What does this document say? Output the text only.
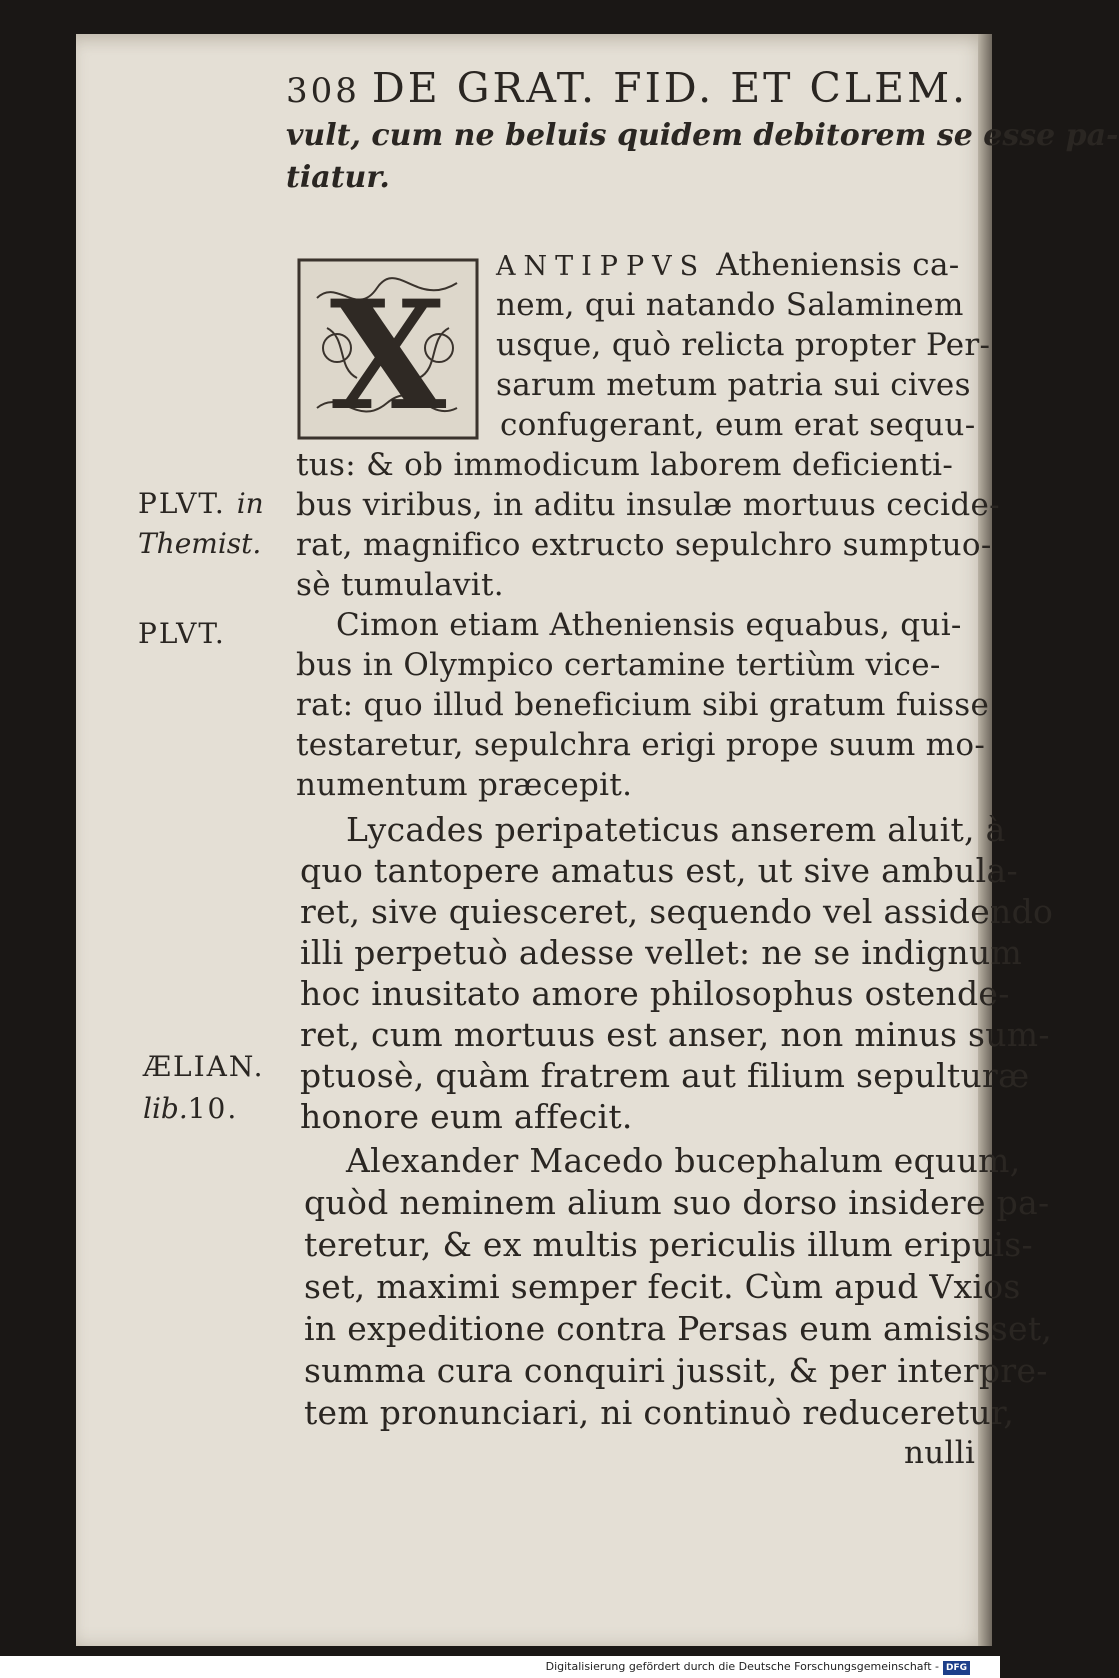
308 DE GRAT. FID. ET CLEM.
vult, cum ne beluis quidem debitorem se esse pa-
tiatur.
X
ANTIPPVS Atheniensis ca-
nem, qui natando Salaminem
usque, quò relicta propter Per-
sarum metum patria sui cives
confugerant, eum erat sequu-
tus: & ob immodicum laborem deficienti-
bus viribus, in aditu insulæ mortuus cecide-
rat, magnifico extructo sepulchro sumptuo-
sè tumulavit.
Cimon etiam Atheniensis equabus, qui-
bus in Olympico certamine tertiùm vice-
rat: quo illud beneficium sibi gratum fuisse
testaretur, sepulchra erigi prope suum mo-
numentum præcepit.
Lycades peripateticus anserem aluit, à
quo tantopere amatus est, ut sive ambula-
ret, sive quiesceret, sequendo vel assidendo
illi perpetuò adesse vellet: ne se indignum
hoc inusitato amore philosophus ostende-
ret, cum mortuus est anser, non minus sum-
ptuosè, quàm fratrem aut filium sepulturæ
honore eum affecit.
Alexander Macedo bucephalum equum,
quòd neminem alium suo dorso insidere pa-
teretur, & ex multis periculis illum eripuis-
set, maximi semper fecit. Cùm apud Vxios
in expeditione contra Persas eum amisisset,
summa cura conquiri jussit, & per interpre-
tem pronunciari, ni continuò reduceretur,
nulli
PLVT. in
Themist.
PLVT.
ÆLIAN.
lib.10.
Digitalisierung gefördert durch die Deutsche Forschungsgemeinschaft - DFG
